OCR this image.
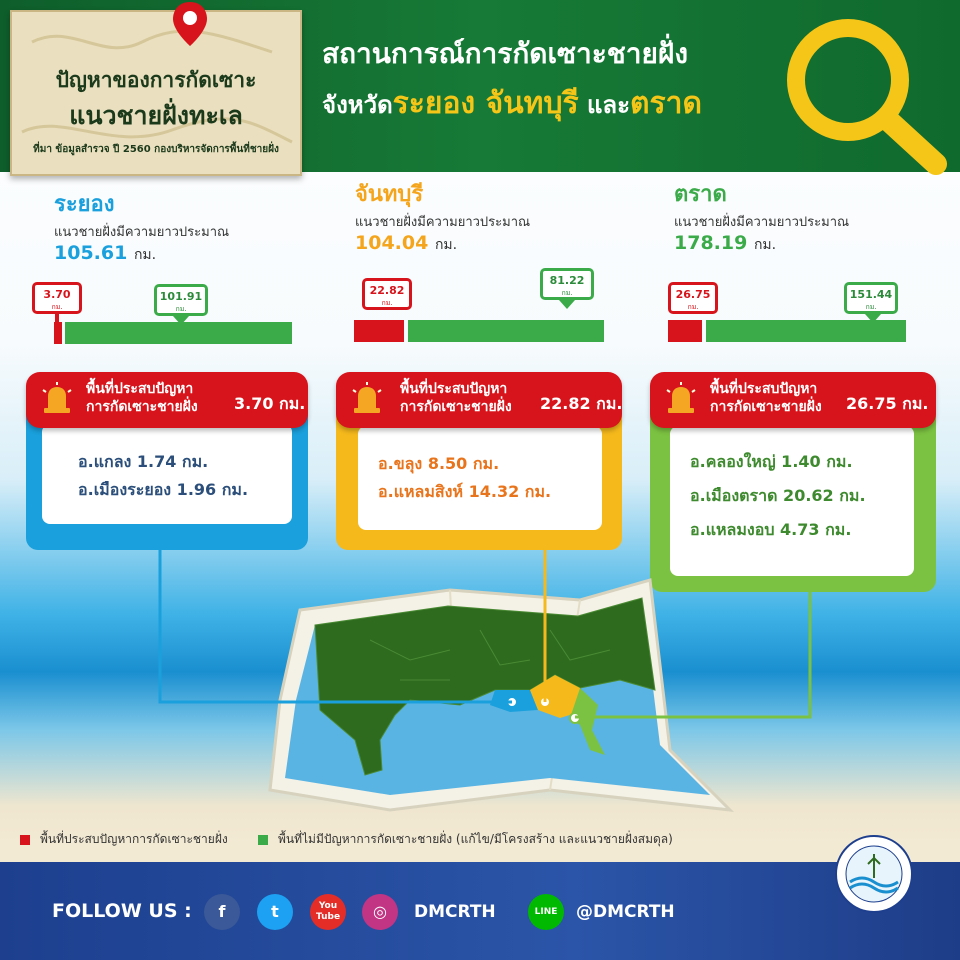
ปัญหาของการกัดเซาะ
แนวชายฝั่งทะเล
ที่มา ข้อมูลสำรวจ ปี 2560 กองบริหารจัดการพื้นที่ชายฝั่ง
สถานการณ์การกัดเซาะชายฝั่ง
จังหวัดระยอง จันทบุรี และตราด
ระยอง
แนวชายฝั่งมีความยาวประมาณ
105.61 กม.
3.70
กม.
101.91
กม.
จันทบุรี
แนวชายฝั่งมีความยาวประมาณ
104.04 กม.
22.82
กม.
81.22
กม.
ตราด
แนวชายฝั่งมีความยาวประมาณ
178.19 กม.
26.75
กม.
151.44
กม.
พื้นที่ประสบปัญหา
การกัดเซาะชายฝั่ง 3.70 กม.
อ.แกลง 1.74 กม.
อ.เมืองระยอง 1.96 กม.
พื้นที่ประสบปัญหา
การกัดเซาะชายฝั่ง 22.82 กม.
อ.ขลุง 8.50 กม.
อ.แหลมสิงห์ 14.32 กม.
พื้นที่ประสบปัญหา
การกัดเซาะชายฝั่ง 26.75 กม.
อ.คลองใหญ่ 1.40 กม.
อ.เมืองตราด 20.62 กม.
อ.แหลมงอบ 4.73 กม.
พื้นที่ประสบปัญหาการกัดเซาะชายฝั่ง	พื้นที่ไม่มีปัญหาการกัดเซาะชายฝั่ง (แก้ไข/มีโครงสร้าง และแนวชายฝั่งสมดุล)
FOLLOW US :	f	t	You
Tube	◎	DMCRTH	LINE	@DMCRTH
